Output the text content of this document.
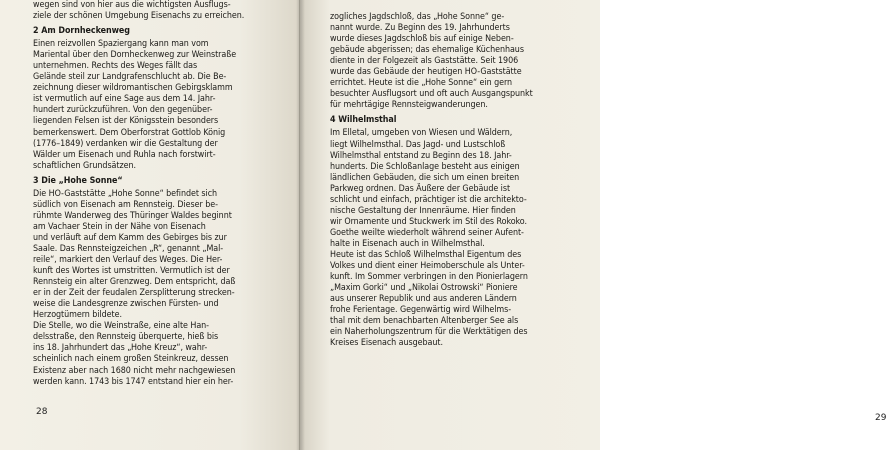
wegen sind von hier aus die wichtigsten Ausflugs-
ziele der schönen Umgebung Eisenachs zu erreichen.
2 Am Dornheckenweg
Einen reizvollen Spaziergang kann man vom
Mariental über den Dornheckenweg zur Weinstraße
unternehmen. Rechts des Weges fällt das
Gelände steil zur Landgrafenschlucht ab. Die Be-
zeichnung dieser wildromantischen Gebirgsklamm
ist vermutlich auf eine Sage aus dem 14. Jahr-
hundert zurückzuführen. Von den gegenüber-
liegenden Felsen ist der Königsstein besonders
bemerkenswert. Dem Oberforstrat Gottlob König
(1776–1849) verdanken wir die Gestaltung der
Wälder um Eisenach und Ruhla nach forstwirt-
schaftlichen Grundsätzen.
3 Die „Hohe Sonne“
Die HO-Gaststätte „Hohe Sonne“ befindet sich
südlich von Eisenach am Rennsteig. Dieser be-
rühmte Wanderweg des Thüringer Waldes beginnt
am Vachaer Stein in der Nähe von Eisenach
und verläuft auf dem Kamm des Gebirges bis zur
Saale. Das Rennsteigzeichen „R“, genannt „Mal-
reile“, markiert den Verlauf des Weges. Die Her-
kunft des Wortes ist umstritten. Vermutlich ist der
Rennsteig ein alter Grenzweg. Dem entspricht, daß
er in der Zeit der feudalen Zersplitterung strecken-
weise die Landesgrenze zwischen Fürsten- und
Herzogtümern bildete.
Die Stelle, wo die Weinstraße, eine alte Han-
delsstraße, den Rennsteig überquerte, hieß bis
ins 18. Jahrhundert das „Hohe Kreuz“, wahr-
scheinlich nach einem großen Steinkreuz, dessen
Existenz aber nach 1680 nicht mehr nachgewiesen
werden kann. 1743 bis 1747 entstand hier ein her-
28
zogliches Jagdschloß, das „Hohe Sonne“ ge-
nannt wurde. Zu Beginn des 19. Jahrhunderts
wurde dieses Jagdschloß bis auf einige Neben-
gebäude abgerissen; das ehemalige Küchenhaus
diente in der Folgezeit als Gaststätte. Seit 1906
wurde das Gebäude der heutigen HO-Gaststätte
errichtet. Heute ist die „Hohe Sonne“ ein gern
besuchter Ausflugsort und oft auch Ausgangspunkt
für mehrtägige Rennsteigwanderungen.
4 Wilhelmsthal
Im Elletal, umgeben von Wiesen und Wäldern,
liegt Wilhelmsthal. Das Jagd- und Lustschloß
Wilhelmsthal entstand zu Beginn des 18. Jahr-
hunderts. Die Schloßanlage besteht aus einigen
ländlichen Gebäuden, die sich um einen breiten
Parkweg ordnen. Das Äußere der Gebäude ist
schlicht und einfach, prächtiger ist die architekto-
nische Gestaltung der Innenräume. Hier finden
wir Ornamente und Stuckwerk im Stil des Rokoko.
Goethe weilte wiederholt während seiner Aufent-
halte in Eisenach auch in Wilhelmsthal.
Heute ist das Schloß Wilhelmsthal Eigentum des
Volkes und dient einer Heimoberschule als Unter-
kunft. Im Sommer verbringen in den Pionierlagern
„Maxim Gorki“ und „Nikolai Ostrowski“ Pioniere
aus unserer Republik und aus anderen Ländern
frohe Ferientage. Gegenwärtig wird Wilhelms-
thal mit dem benachbarten Altenberger See als
ein Naherholungszentrum für die Werktätigen des
Kreises Eisenach ausgebaut.
29
